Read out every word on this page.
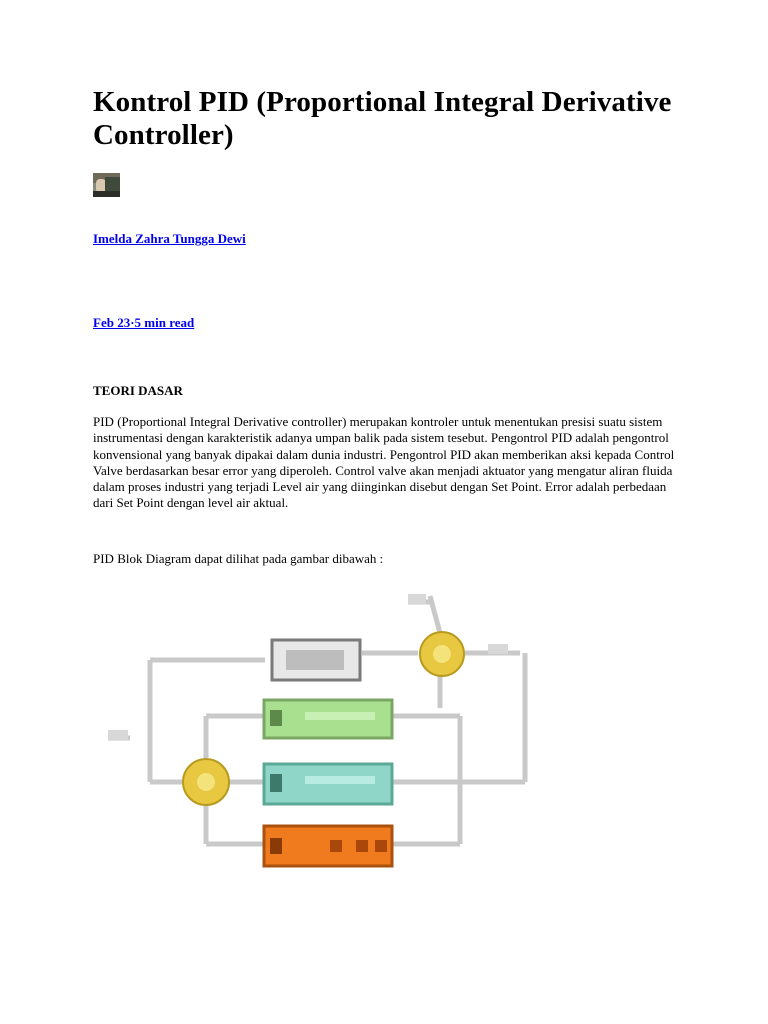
Kontrol PID (Proportional Integral Derivative Controller)
Imelda Zahra Tungga Dewi
Feb 23·5 min read
TEORI DASAR

PID (Proportional Integral Derivative controller) merupakan kontroler untuk menentukan presisi suatu sistem instrumentasi dengan karakteristik adanya umpan balik pada sistem tesebut. Pengontrol PID adalah pengontrol konvensional yang banyak dipakai dalam dunia industri. Pengontrol PID akan memberikan aksi kepada Control Valve berdasarkan besar error yang diperoleh. Control valve akan menjadi aktuator yang mengatur aliran fluida dalam proses industri yang terjadi Level air yang diinginkan disebut dengan Set Point. Error adalah perbedaan dari Set Point dengan level air aktual.

PID Blok Diagram dapat dilihat pada gambar dibawah :
